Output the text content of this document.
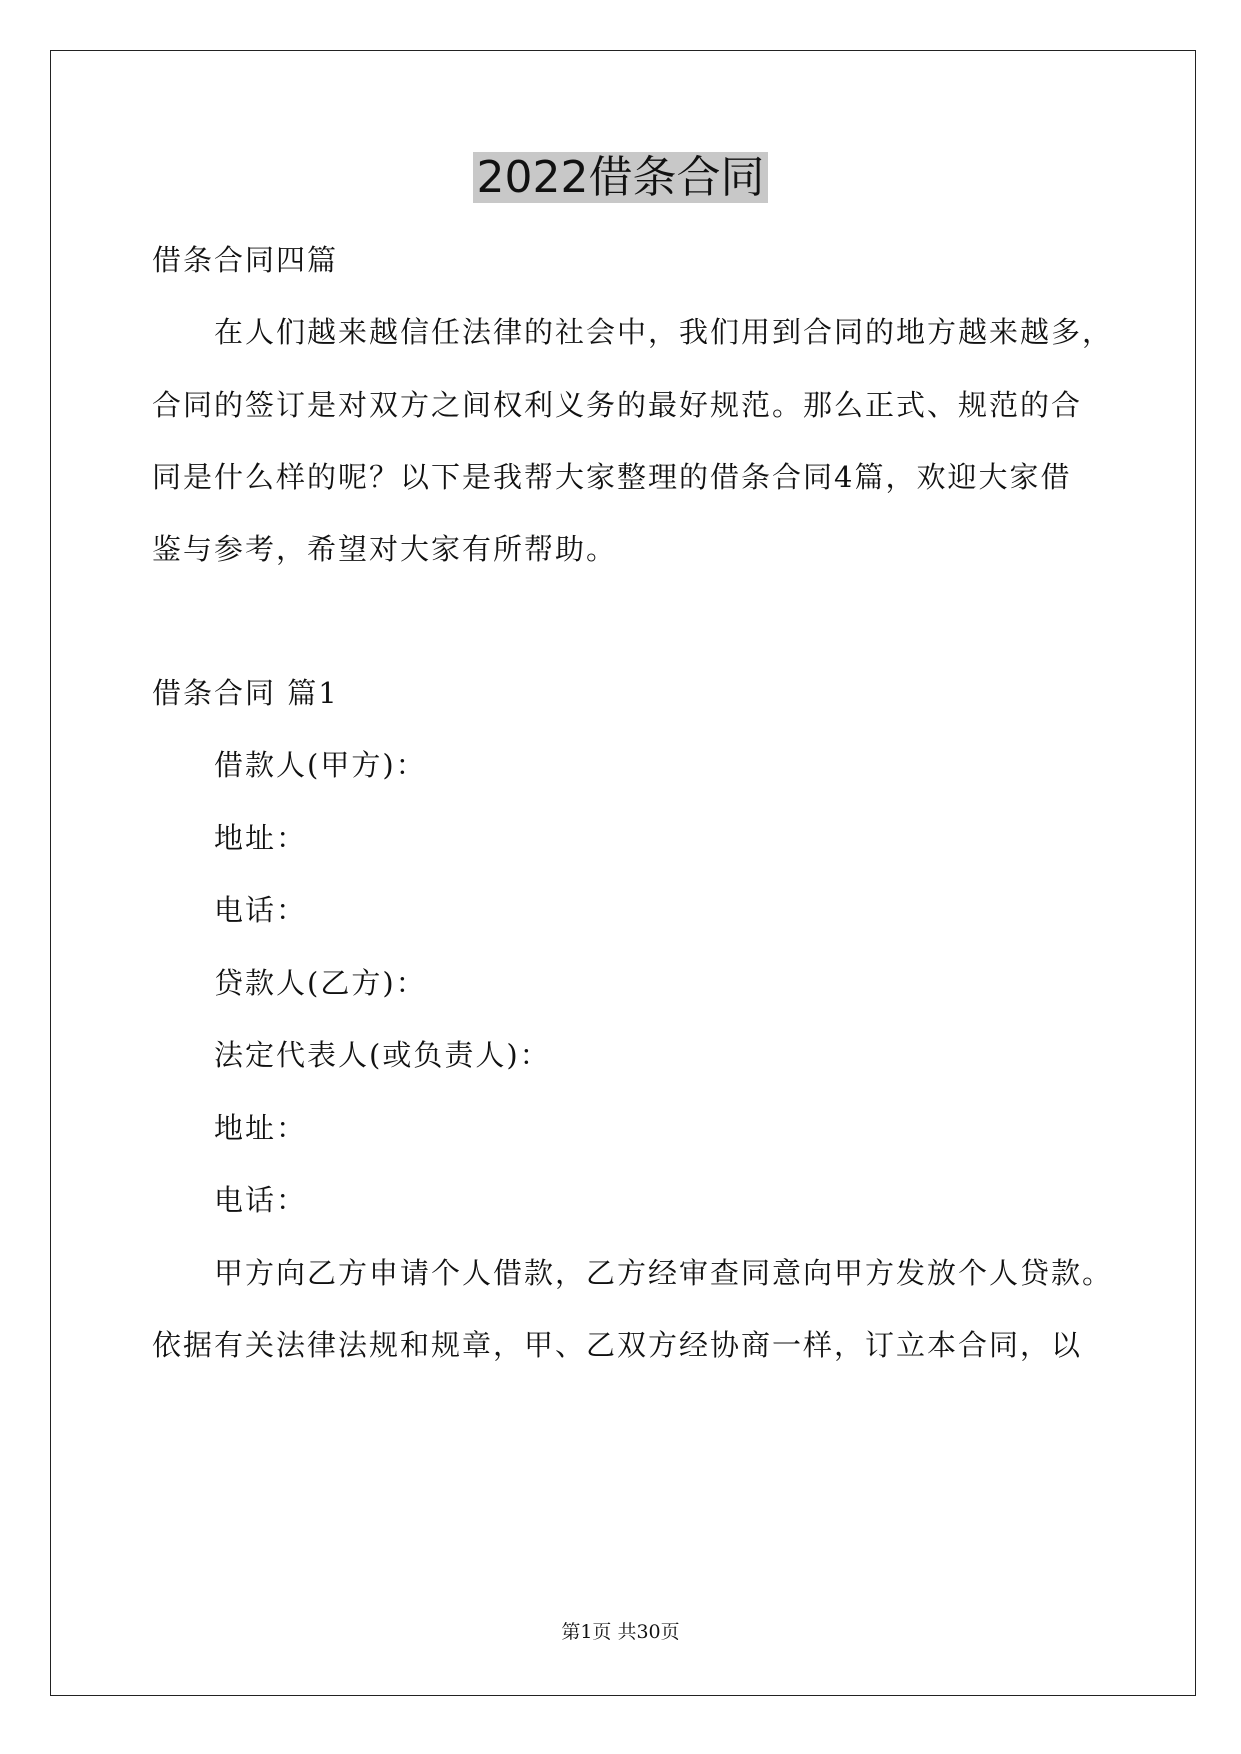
2022借条合同
借条合同四篇
在人们越来越信任法律的社会中，我们用到合同的地方越来越多，
合同的签订是对双方之间权利义务的最好规范。那么正式、规范的合
同是什么样的呢？以下是我帮大家整理的借条合同4篇，欢迎大家借
鉴与参考，希望对大家有所帮助。
借条合同 篇1
借款人(甲方)：
地址：
电话：
贷款人(乙方)：
法定代表人(或负责人)：
地址：
电话：
甲方向乙方申请个人借款，乙方经审查同意向甲方发放个人贷款。
依据有关法律法规和规章，甲、乙双方经协商一样，订立本合同，以
第1页 共30页
